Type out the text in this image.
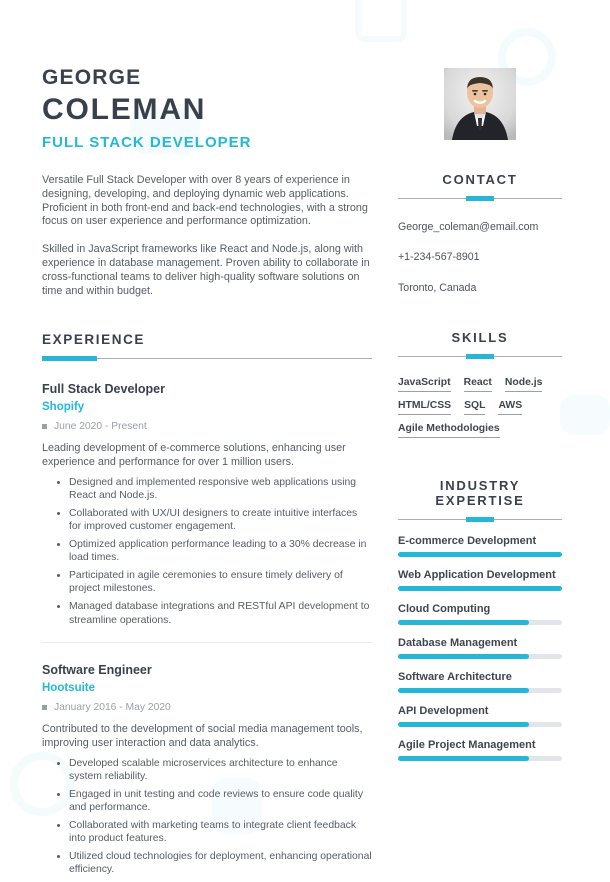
GEORGE
COLEMAN
FULL STACK DEVELOPER

Versatile Full Stack Developer with over 8 years of experience in designing, developing, and deploying dynamic web applications. Proficient in both front-end and back-end technologies, with a strong focus on user experience and performance optimization.

Skilled in JavaScript frameworks like React and Node.js, along with experience in database management. Proven ability to collaborate in cross-functional teams to deliver high-quality software solutions on time and within budget.

EXPERIENCE
Full Stack Developer

Shopify

June 2020 - Present

Leading development of e-commerce solutions, enhancing user experience and performance for over 1 million users.

• Designed and implemented responsive web applications using React and Node.js.
• Collaborated with UX/UI designers to create intuitive interfaces for improved customer engagement.
• Optimized application performance leading to a 30% decrease in load times.
• Participated in agile ceremonies to ensure timely delivery of project milestones.
• Managed database integrations and RESTful API development to streamline operations.
Software Engineer

Hootsuite

January 2016 - May 2020

Contributed to the development of social media management tools, improving user interaction and data analytics.

• Developed scalable microservices architecture to enhance system reliability.
• Engaged in unit testing and code reviews to ensure code quality and performance.
• Collaborated with marketing teams to integrate client feedback into product features.
• Utilized cloud technologies for deployment, enhancing operational efficiency.
CONTACT
George_coleman@email.com
+1-234-567-8901
Toronto, Canada
SKILLS
JavaScript React Node.js
HTML/CSS SQL AWS
Agile Methodologies
INDUSTRY EXPERTISE
E-commerce Development
Web Application Development
Cloud Computing
Database Management
Software Architecture
API Development
Agile Project Management
